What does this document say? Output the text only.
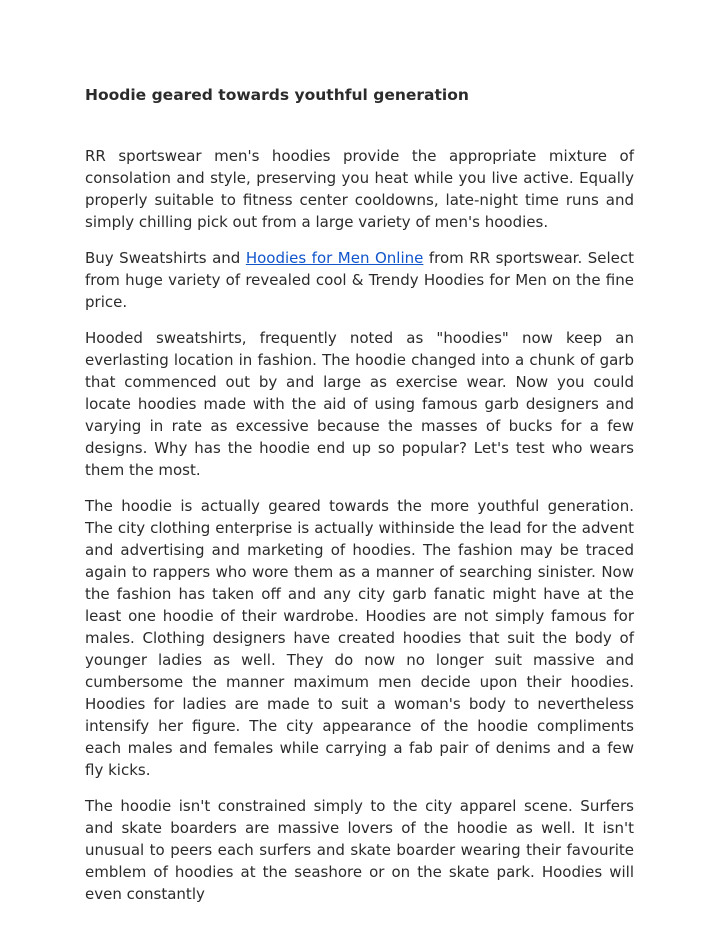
Hoodie geared towards youthful generation

RR sportswear men's hoodies provide the appropriate mixture of consolation and style, preserving you heat while you live active. Equally properly suitable to fitness center cooldowns, late-night time runs and simply chilling pick out from a large variety of men's hoodies.

Buy Sweatshirts and Hoodies for Men Online from RR sportswear. Select from huge variety of revealed cool & Trendy Hoodies for Men on the fine price.

Hooded sweatshirts, frequently noted as "hoodies" now keep an everlasting location in fashion. The hoodie changed into a chunk of garb that commenced out by and large as exercise wear. Now you could locate hoodies made with the aid of using famous garb designers and varying in rate as excessive because the masses of bucks for a few designs. Why has the hoodie end up so popular? Let's test who wears them the most.

The hoodie is actually geared towards the more youthful generation. The city clothing enterprise is actually withinside the lead for the advent and advertising and marketing of hoodies. The fashion may be traced again to rappers who wore them as a manner of searching sinister. Now the fashion has taken off and any city garb fanatic might have at the least one hoodie of their wardrobe. Hoodies are not simply famous for males. Clothing designers have created hoodies that suit the body of younger ladies as well. They do now no longer suit massive and cumbersome the manner maximum men decide upon their hoodies. Hoodies for ladies are made to suit a woman's body to nevertheless intensify her figure. The city appearance of the hoodie compliments each males and females while carrying a fab pair of denims and a few fly kicks.

The hoodie isn't constrained simply to the city apparel scene. Surfers and skate boarders are massive lovers of the hoodie as well. It isn't unusual to peers each surfers and skate boarder wearing their favourite emblem of hoodies at the seashore or on the skate park. Hoodies will even constantly
